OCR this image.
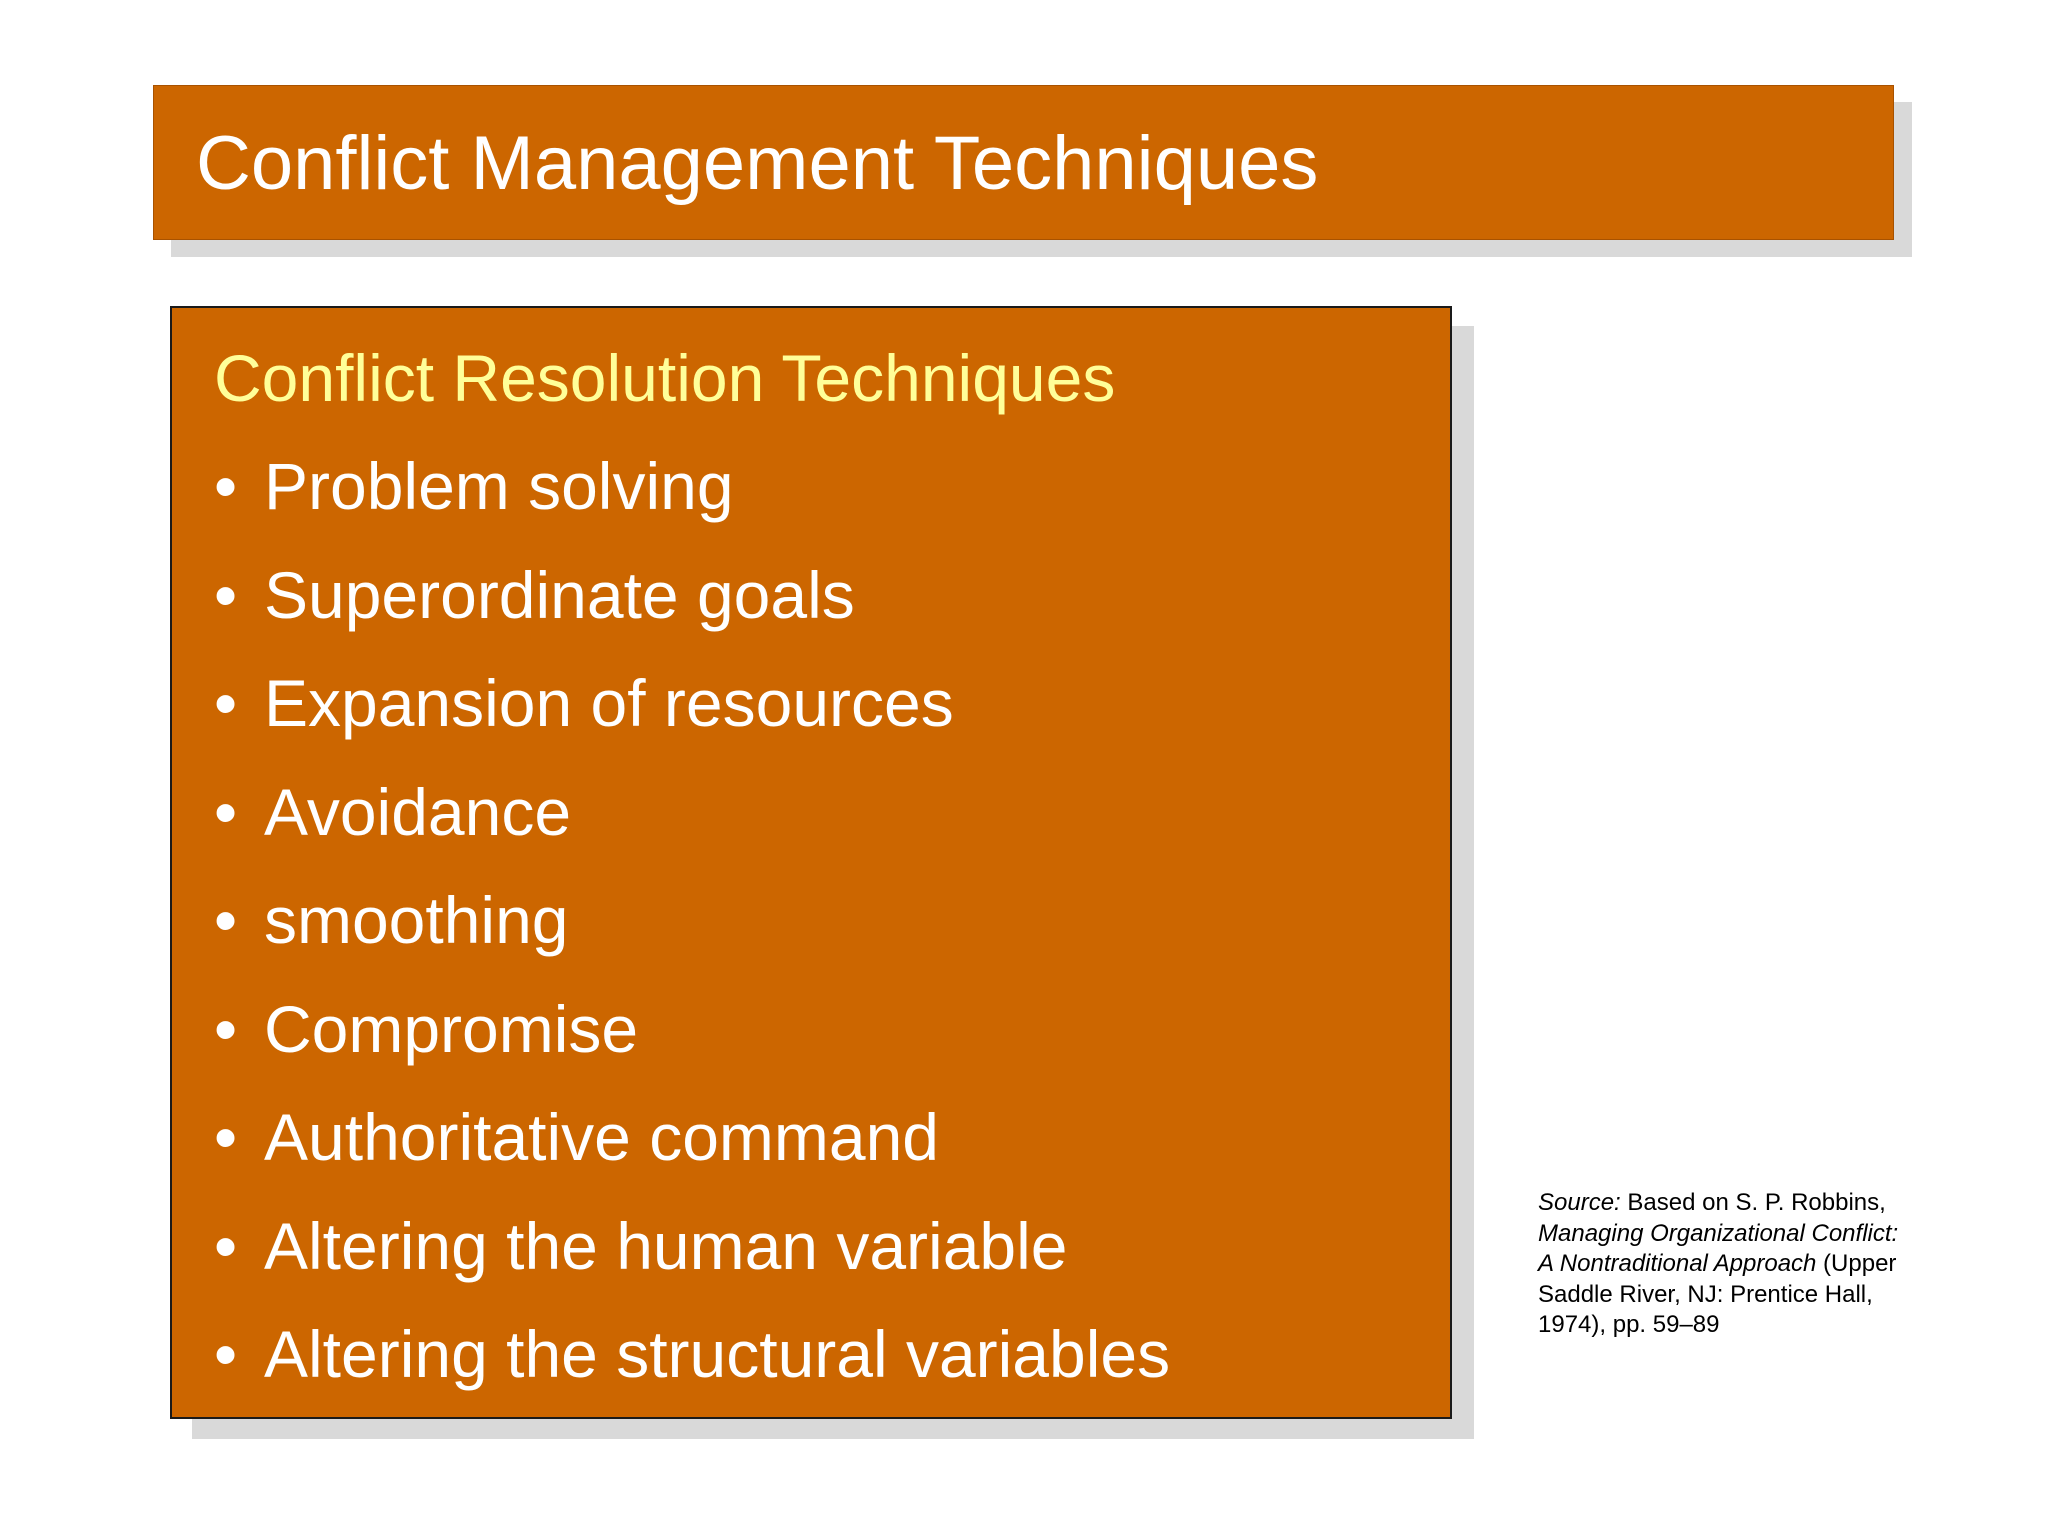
Conflict Management Techniques
Conflict Resolution Techniques
• Problem solving
• Superordinate goals
• Expansion of resources
• Avoidance
• smoothing
• Compromise
• Authoritative command
• Altering the human variable
• Altering the structural variables
Source: Based on S. P. Robbins,
Managing Organizational Conflict:
A Nontraditional Approach (Upper
Saddle River, NJ: Prentice Hall,
1974), pp. 59–89
